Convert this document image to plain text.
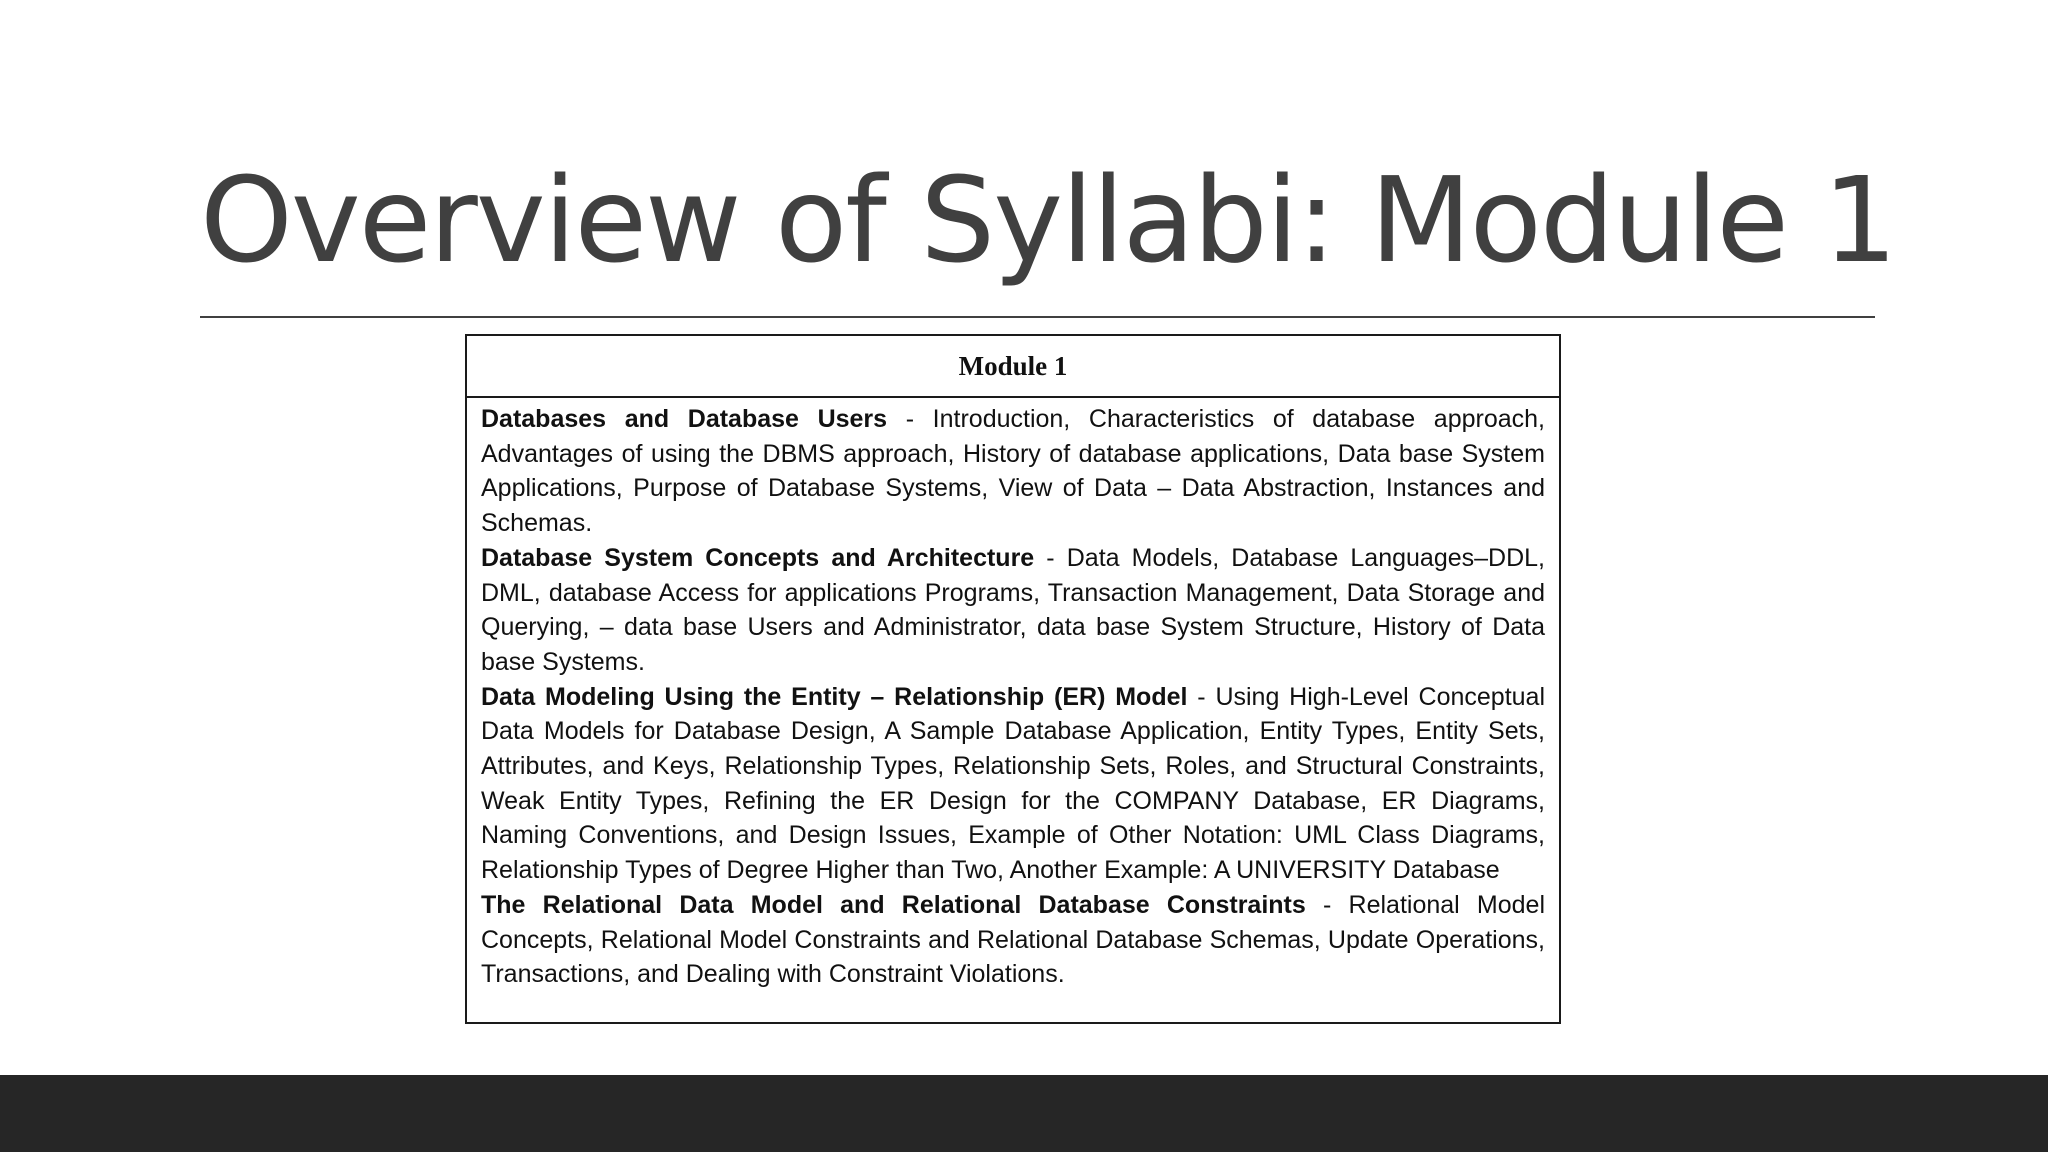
Overview of Syllabi: Module 1
Module 1

Databases and Database Users - Introduction, Characteristics of database approach, Advantages of using the DBMS approach, History of database applications, Data base System Applications, Purpose of Database Systems, View of Data – Data Abstraction, Instances and Schemas.

Database System Concepts and Architecture - Data Models, Database Languages–DDL, DML, database Access for applications Programs, Transaction Management, Data Storage and Querying, – data base Users and Administrator, data base System Structure, History of Data base Systems.

Data Modeling Using the Entity – Relationship (ER) Model - Using High-Level Conceptual Data Models for Database Design, A Sample Database Application, Entity Types, Entity Sets, Attributes, and Keys, Relationship Types, Relationship Sets, Roles, and Structural Constraints, Weak Entity Types, Refining the ER Design for the COMPANY Database, ER Diagrams, Naming Conventions, and Design Issues, Example of Other Notation: UML Class Diagrams, Relationship Types of Degree Higher than Two, Another Example: A UNIVERSITY Database

The Relational Data Model and Relational Database Constraints - Relational Model Concepts, Relational Model Constraints and Relational Database Schemas, Update Operations, Transactions, and Dealing with Constraint Violations.
